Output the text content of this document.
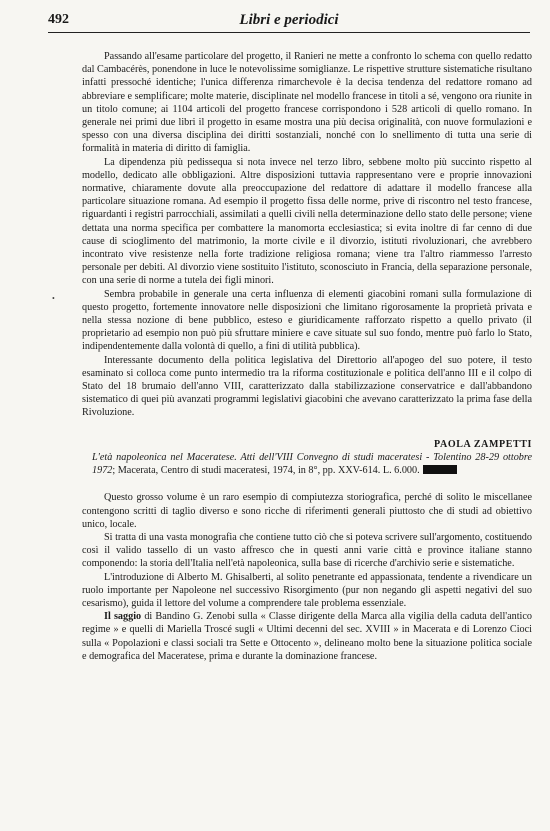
492	Libri e periodici
•

Passando all'esame particolare del progetto, il Ranieri ne mette a confronto lo schema con quello redatto dal Cambacérès, ponendone in luce le notevolissime somiglianze. Le rispettive strutture sistematiche risultano infatti pressoché identiche; l'unica differenza rimarchevole è la decisa tendenza del redattore romano ad abbreviare e semplificare; molte materie, disciplinate nel modello francese in titoli a sé, vengono ora riunite in un titolo comune; ai 1104 articoli del progetto francese corrispondono i 528 articoli di quello romano. In generale nei primi due libri il progetto in esame mostra una più decisa originalità, con nuove formulazioni e spesso con una diversa disciplina dei diritti sostanziali, nonché con lo snellimento di tutta una serie di formalità in materia di diritto di famiglia.

La dipendenza più pedissequa si nota invece nel terzo libro, sebbene molto più succinto rispetto al modello, dedicato alle obbligazioni. Altre disposizioni tuttavia rappresentano vere e proprie innovazioni normative, chiaramente dovute alla preoccupazione del redattore di adattare il modello francese alla particolare situazione romana. Ad esempio il progetto fissa delle norme, prive di riscontro nel testo francese, riguardanti i registri parrocchiali, assimilati a quelli civili nella determinazione dello stato delle persone; viene dettata una norma specifica per combattere la manomorta ecclesiastica; si evita inoltre di far cenno di due cause di scioglimento del matrimonio, la morte civile e il divorzio, istituti rivoluzionari, che avrebbero incontrato vive resistenze nella forte tradizione religiosa romana; viene tra l'altro riammesso l'arresto personale per debiti. Al divorzio viene sostituito l'istituto, sconosciuto in Francia, della separazione personale, con una serie di norme a tutela dei figli minori.

Sembra probabile in generale una certa influenza di elementi giacobini romani sulla formulazione di questo progetto, fortemente innovatore nelle disposizioni che limitano rigorosamente la proprietà privata e nella stessa nozione di bene pubblico, esteso e giuridicamente rafforzato rispetto a quello privato (il proprietario ad esempio non può più sfruttare miniere e cave situate sul suo fondo, mentre può farlo lo Stato, indipendentemente dalla volontà di quello, a fini di utilità pubblica).

Interessante documento della politica legislativa del Direttorio all'apogeo del suo potere, il testo esaminato si colloca come punto intermedio tra la riforma costituzionale e politica dell'anno III e il colpo di Stato del 18 brumaio dell'anno VIII, caratterizzato dalla stabilizzazione conservatrice e dall'abbandono sistematico di quei più avanzati programmi legislativi giacobini che avevano caratterizzato la prima fase della Rivoluzione.

PAOLA ZAMPETTI

L'età napoleonica nel Maceratese. Atti dell'VIII Convegno di studi maceratesi - Tolentino 28-29 ottobre 1972; Macerata, Centro di studi maceratesi, 1974, in 8°, pp. XXV-614. L. 6.000.

Questo grosso volume è un raro esempio di compiutezza storiografica, perché di solito le miscellanee contengono scritti di taglio diverso e sono ricche di riferimenti generali piuttosto che di studi ad obiettivo unico, locale.

Si tratta di una vasta monografia che contiene tutto ciò che si poteva scrivere sull'argomento, costituendo così il valido tassello di un vasto affresco che in questi anni varie città e province italiane stanno componendo: la storia dell'Italia nell'età napoleonica, sulla base di ricerche d'archivio serie e sistematiche.

L'introduzione di Alberto M. Ghisalberti, al solito penetrante ed appassionata, tendente a rivendicare un ruolo importante per Napoleone nel successivo Risorgimento (pur non negando gli aspetti negativi del suo cesarismo), guida il lettore del volume a comprendere tale problema essenziale.

Il saggio di Bandino G. Zenobi sulla « Classe dirigente della Marca alla vigilia della caduta dell'antico regime » e quelli di Mariella Troscé sugli « Ultimi decenni del sec. XVIII » in Macerata e di Lorenzo Cioci sulla « Popolazioni e classi sociali tra Sette e Ottocento », delineano molto bene la situazione politica sociale e demografica del Maceratese, prima e durante la dominazione francese.
